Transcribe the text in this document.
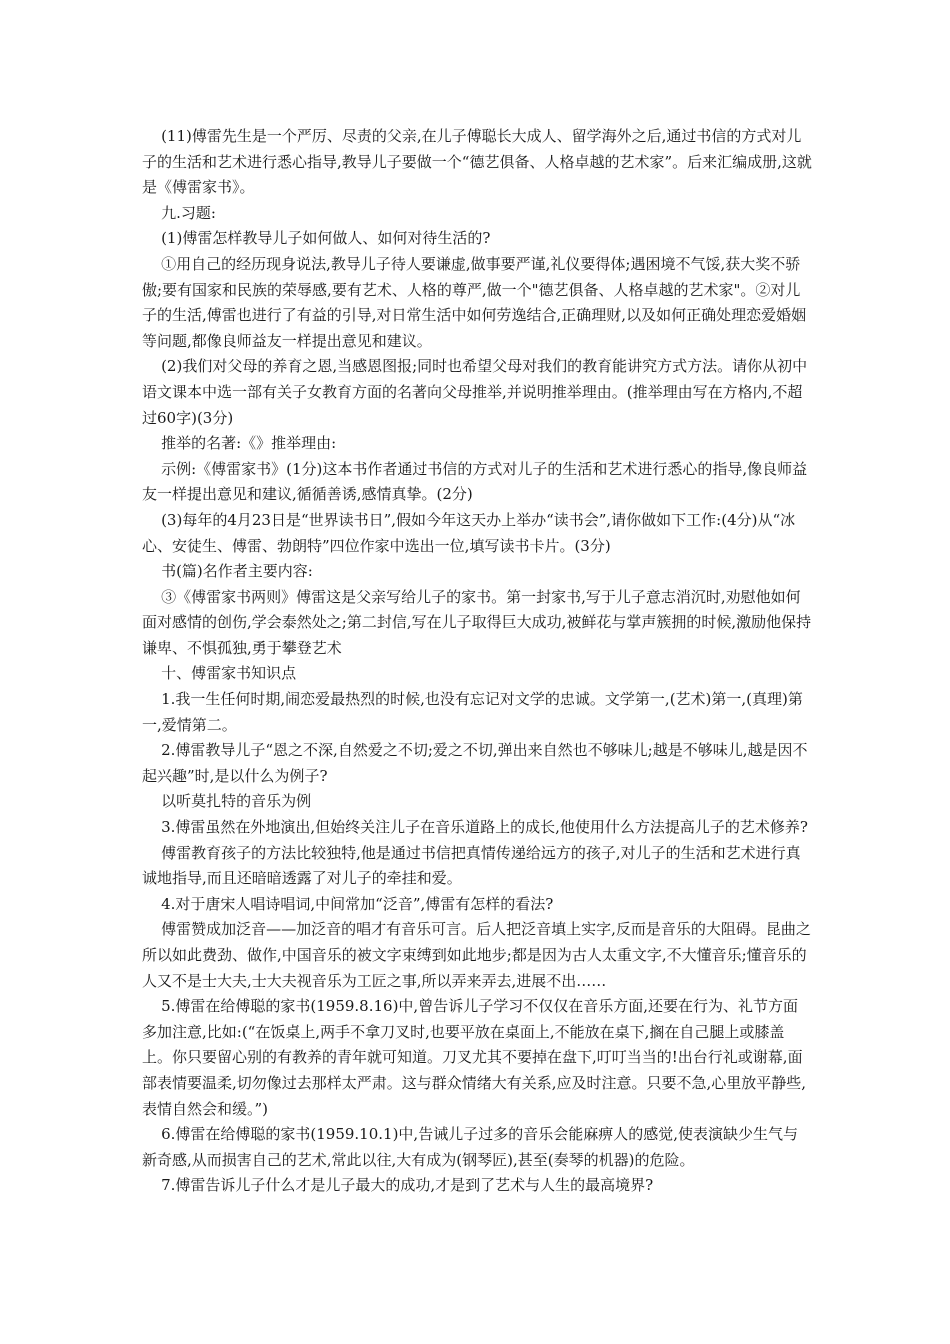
(11)傅雷先生是一个严厉、尽责的父亲,在儿子傅聪长大成人、留学海外之后,通过书信的方式对儿子的生活和艺术进行悉心指导,教导儿子要做一个“德艺俱备、人格卓越的艺术家”。后来汇编成册,这就是《傅雷家书》。

九.习题:

(1)傅雷怎样教导儿子如何做人、如何对待生活的?

①用自己的经历现身说法,教导儿子待人要谦虚,做事要严谨,礼仪要得体;遇困境不气馁,获大奖不骄傲;要有国家和民族的荣辱感,要有艺术、人格的尊严,做一个"德艺俱备、人格卓越的艺术家"。②对儿子的生活,傅雷也进行了有益的引导,对日常生活中如何劳逸结合,正确理财,以及如何正确处理恋爱婚姻等问题,都像良师益友一样提出意见和建议。

(2)我们对父母的养育之恩,当感恩图报;同时也希望父母对我们的教育能讲究方式方法。请你从初中语文课本中选一部有关子女教育方面的名著向父母推举,并说明推举理由。(推举理由写在方格内,不超过60字)(3分)

推举的名著:《》推举理由:

示例:《傅雷家书》(1分)这本书作者通过书信的方式对儿子的生活和艺术进行悉心的指导,像良师益友一样提出意见和建议,循循善诱,感情真挚。(2分)

(3)每年的4月23日是“世界读书日”,假如今年这天办上举办“读书会”,请你做如下工作:(4分)从“冰心、安徒生、傅雷、勃朗特”四位作家中选出一位,填写读书卡片。(3分)

书(篇)名作者主要内容:

③《傅雷家书两则》傅雷这是父亲写给儿子的家书。第一封家书,写于儿子意志消沉时,劝慰他如何面对感情的创伤,学会泰然处之;第二封信,写在儿子取得巨大成功,被鲜花与掌声簇拥的时候,激励他保持谦卑、不惧孤独,勇于攀登艺术

十、傅雷家书知识点

1.我一生任何时期,闹恋爱最热烈的时候,也没有忘记对文学的忠诚。文学第一,(艺术)第一,(真理)第一,爱情第二。

2.傅雷教导儿子“恩之不深,自然爱之不切;爱之不切,弹出来自然也不够味儿;越是不够味儿,越是因不起兴趣”时,是以什么为例子?

以听莫扎特的音乐为例

3.傅雷虽然在外地演出,但始终关注儿子在音乐道路上的成长,他使用什么方法提高儿子的艺术修养?

傅雷教育孩子的方法比较独特,他是通过书信把真情传递给远方的孩子,对儿子的生活和艺术进行真诚地指导,而且还暗暗透露了对儿子的牵挂和爱。

4.对于唐宋人唱诗唱词,中间常加“泛音”,傅雷有怎样的看法?

傅雷赞成加泛音——加泛音的唱才有音乐可言。后人把泛音填上实字,反而是音乐的大阻碍。昆曲之所以如此费劲、做作,中国音乐的被文字束缚到如此地步;都是因为古人太重文字,不大懂音乐;懂音乐的人又不是士大夫,士大夫视音乐为工匠之事,所以弄来弄去,进展不出……

5.傅雷在给傅聪的家书(1959.8.16)中,曾告诉儿子学习不仅仅在音乐方面,还要在行为、礼节方面多加注意,比如:(“在饭桌上,两手不拿刀叉时,也要平放在桌面上,不能放在桌下,搁在自己腿上或膝盖上。你只要留心别的有教养的青年就可知道。刀叉尤其不要掉在盘下,叮叮当当的!出台行礼或谢幕,面部表情要温柔,切勿像过去那样太严肃。这与群众情绪大有关系,应及时注意。只要不急,心里放平静些,表情自然会和缓。”)

6.傅雷在给傅聪的家书(1959.10.1)中,告诫儿子过多的音乐会能麻痹人的感觉,使表演缺少生气与新奇感,从而损害自己的艺术,常此以往,大有成为(钢琴匠),甚至(奏琴的机器)的危险。

7.傅雷告诉儿子什么才是儿子最大的成功,才是到了艺术与人生的最高境界?
